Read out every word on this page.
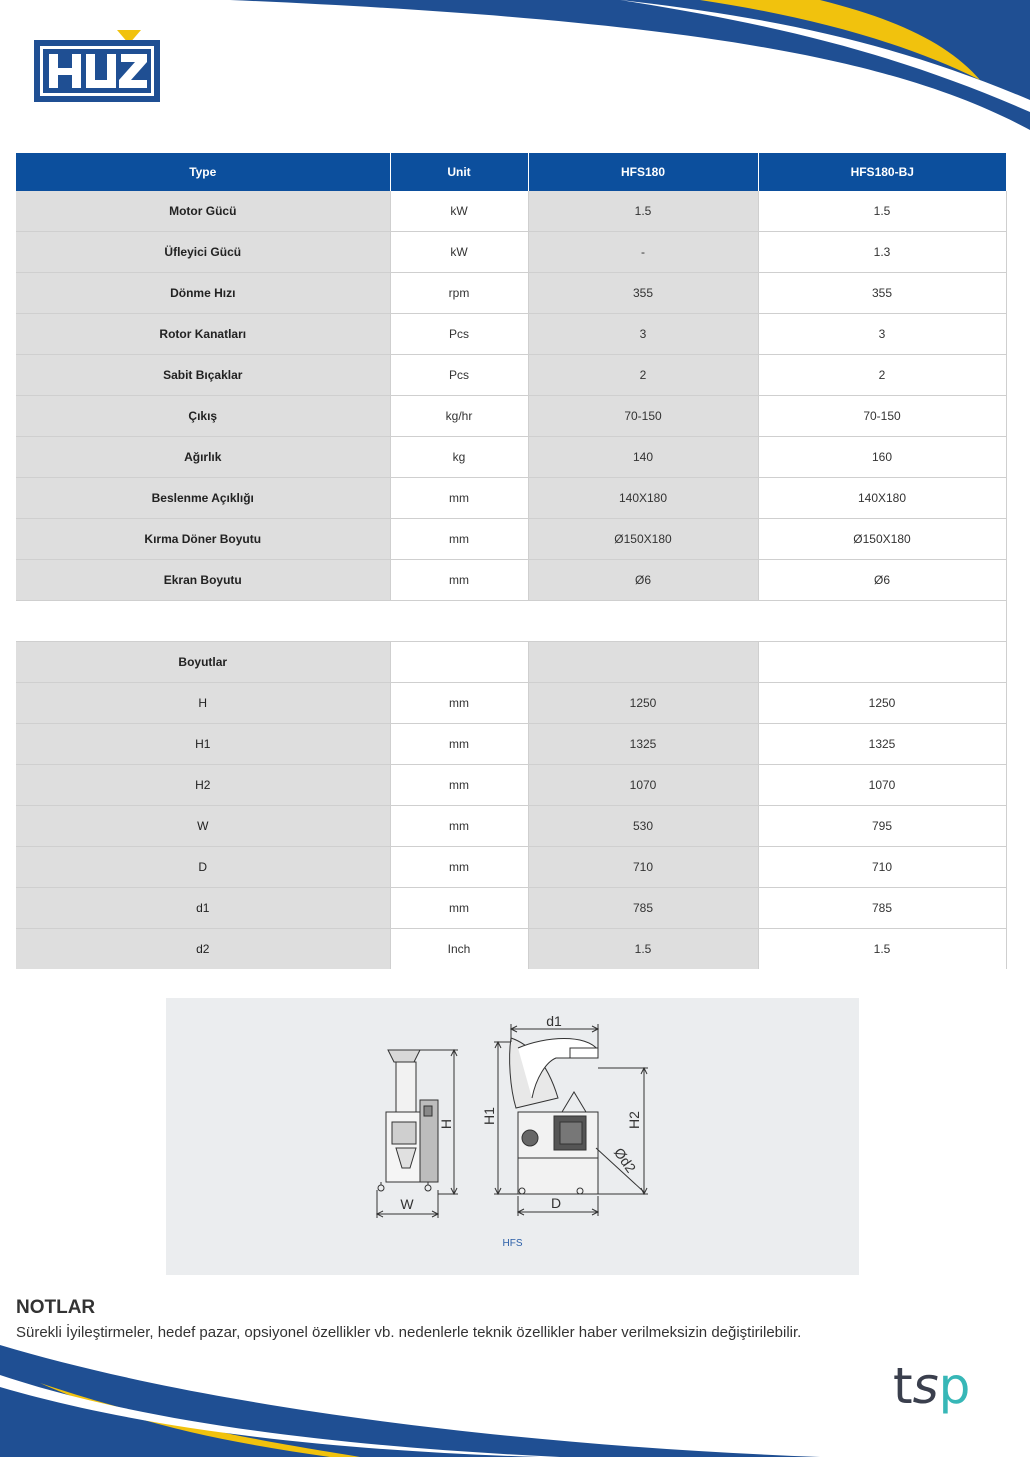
Type	Unit	HFS180	HFS180-BJ
Motor Gücü	kW	1.5	1.5
Üfleyici Gücü	kW	-	1.3
Dönme Hızı	rpm	355	355
Rotor Kanatları	Pcs	3	3
Sabit Bıçaklar	Pcs	2	2
Çıkış	kg/hr	70-150	70-150
Ağırlık	kg	140	160
Beslenme Açıklığı	mm	140X180	140X180
Kırma Döner Boyutu	mm	Ø150X180	Ø150X180
Ekran Boyutu	mm	Ø6	Ø6

Boyutlar			
H	mm	1250	1250
H1	mm	1325	1325
H2	mm	1070	1070
W	mm	530	795
D	mm	710	710
d1	mm	785	785
d2	Inch	1.5	1.5
H
W
H1	H2
D
d1
Ød2
HFS
NOTLAR
Sürekli İyileştirmeler, hedef pazar, opsiyonel özellikler vb. nedenlerle teknik özellikler haber verilmeksizin değiştirilebilir.
tsp
